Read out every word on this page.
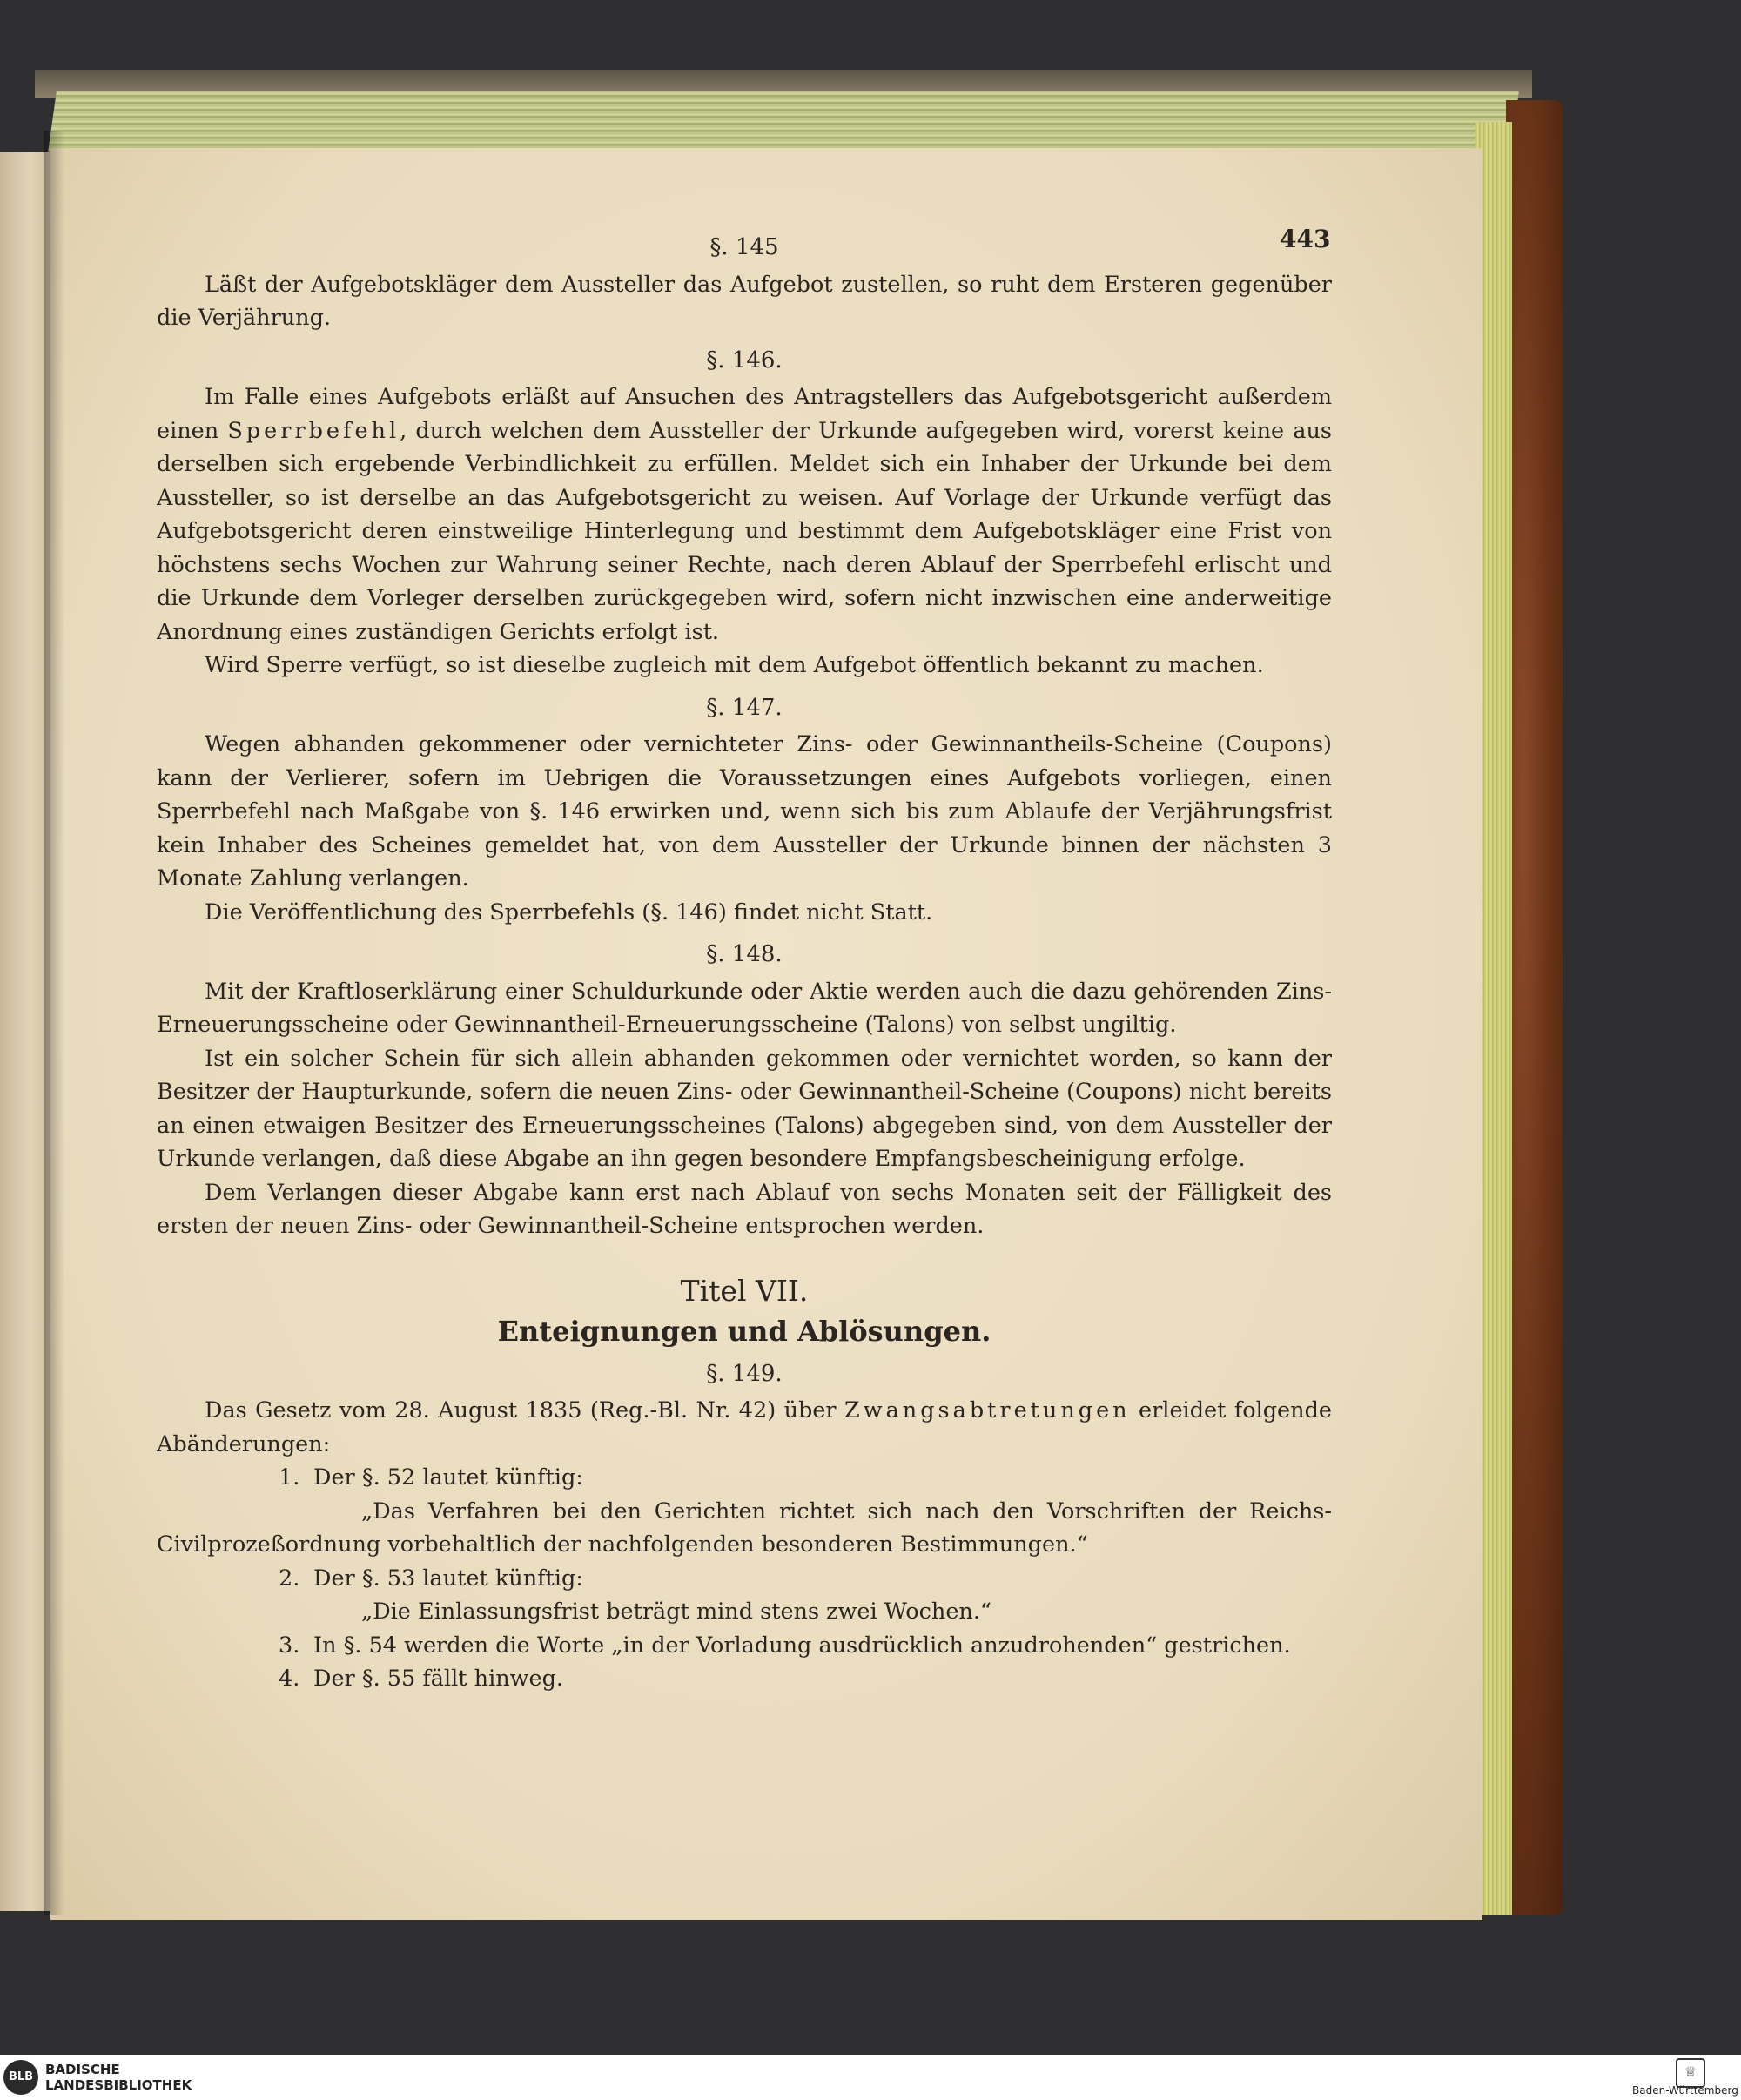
443
§. 145

Läßt der Aufgebotskläger dem Aussteller das Aufgebot zustellen, so ruht dem Ersteren gegenüber die Verjährung.

§. 146.

Im Falle eines Aufgebots erläßt auf Ansuchen des Antragstellers das Aufgebotsgericht außerdem einen Sperrbefehl, durch welchen dem Aussteller der Urkunde aufgegeben wird, vorerst keine aus derselben sich ergebende Verbindlichkeit zu erfüllen. Meldet sich ein Inhaber der Urkunde bei dem Aussteller, so ist derselbe an das Aufgebotsgericht zu weisen. Auf Vorlage der Urkunde verfügt das Aufgebotsgericht deren einstweilige Hinterlegung und bestimmt dem Aufgebotskläger eine Frist von höchstens sechs Wochen zur Wahrung seiner Rechte, nach deren Ablauf der Sperrbefehl erlischt und die Urkunde dem Vorleger derselben zurückgegeben wird, sofern nicht inzwischen eine anderweitige Anordnung eines zuständigen Gerichts erfolgt ist.

Wird Sperre verfügt, so ist dieselbe zugleich mit dem Aufgebot öffentlich bekannt zu machen.

§. 147.

Wegen abhanden gekommener oder vernichteter Zins- oder Gewinnantheils-Scheine (Coupons) kann der Verlierer, sofern im Uebrigen die Voraussetzungen eines Aufgebots vorliegen, einen Sperrbefehl nach Maßgabe von §. 146 erwirken und, wenn sich bis zum Ablaufe der Verjährungsfrist kein Inhaber des Scheines gemeldet hat, von dem Aussteller der Urkunde binnen der nächsten 3 Monate Zahlung verlangen.

Die Veröffentlichung des Sperrbefehls (§. 146) findet nicht Statt.

§. 148.

Mit der Kraftloserklärung einer Schuldurkunde oder Aktie werden auch die dazu gehörenden Zins-Erneuerungsscheine oder Gewinnantheil-Erneuerungsscheine (Talons) von selbst ungiltig.

Ist ein solcher Schein für sich allein abhanden gekommen oder vernichtet worden, so kann der Besitzer der Haupturkunde, sofern die neuen Zins- oder Gewinnantheil-Scheine (Coupons) nicht bereits an einen etwaigen Besitzer des Erneuerungsscheines (Talons) abgegeben sind, von dem Aussteller der Urkunde verlangen, daß diese Abgabe an ihn gegen besondere Empfangsbescheinigung erfolge.

Dem Verlangen dieser Abgabe kann erst nach Ablauf von sechs Monaten seit der Fälligkeit des ersten der neuen Zins- oder Gewinnantheil-Scheine entsprochen werden.

Titel VII.
Enteignungen und Ablösungen.
§. 149.

Das Gesetz vom 28. August 1835 (Reg.-Bl. Nr. 42) über Zwangsabtretungen erleidet folgende Abänderungen:

1. Der §. 52 lautet künftig:

„Das Verfahren bei den Gerichten richtet sich nach den Vorschriften der Reichs-Civilprozeßordnung vorbehaltlich der nachfolgenden besonderen Bestimmungen.“

2. Der §. 53 lautet künftig:

„Die Einlassungsfrist beträgt mind stens zwei Wochen.“

3. In §. 54 werden die Worte „in der Vorladung ausdrücklich anzudrohenden“ gestrichen.
4. Der §. 55 fällt hinweg.
BLB BADISCHE
LANDESBIBLIOTHEK
♕
Baden-Württemberg
